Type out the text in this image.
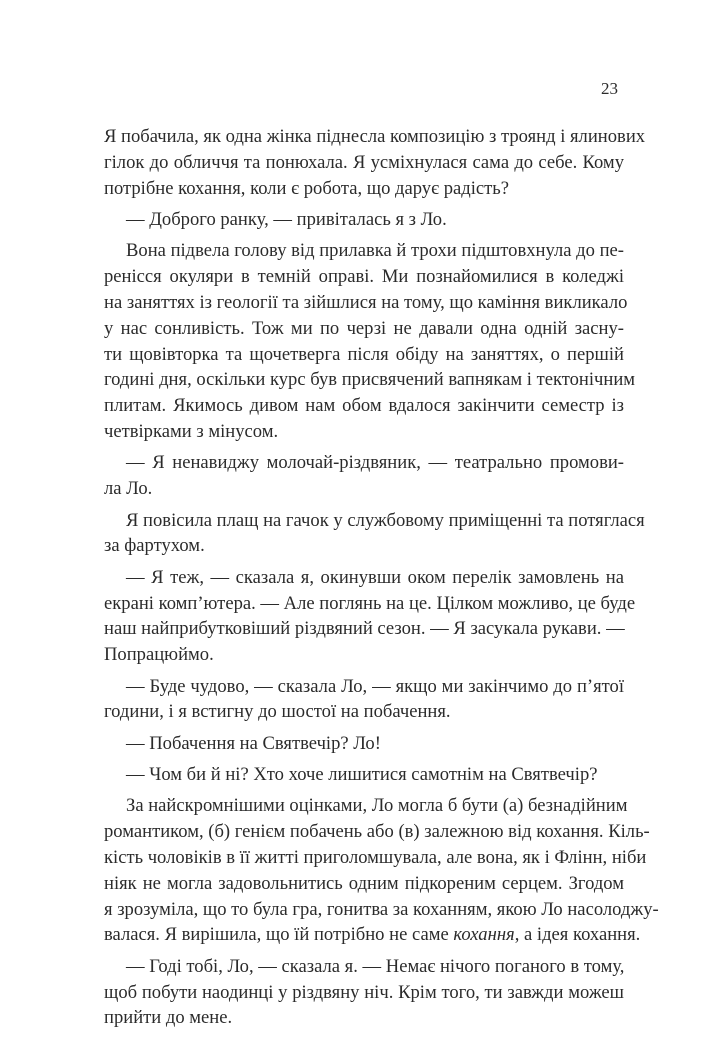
23
Я побачила, як одна жінка піднесла композицію з троянд і ялинових
гілок до обличчя та понюхала. Я усміхнулася сама до себе. Кому
потрібне кохання, коли є робота, що дарує радість?
— Доброго ранку, — привіталась я з Ло.
Вона підвела голову від прилавка й трохи підштовхнула до пе-
ренісся окуляри в темній оправі. Ми познайомилися в коледжі
на заняттях із геології та зійшлися на тому, що каміння викликало
у нас сонливість. Тож ми по черзі не давали одна одній заснy-
ти щовівторка та щочетверга після обіду на заняттях, о першій
годині дня, оскільки курс був присвячений вапнякам і тектонічним
плитам. Якимось дивом нам обом вдалося закінчити семестр із
четвірками з мінусом.
— Я ненавиджу молочай-різдвяник, — театрально промови-
ла Ло.
Я повісила плащ на гачок у службовому приміщенні та потяглася
за фартухом.
— Я теж, — сказала я, окинувши оком перелік замовлень на
екрані комп’ютера. — Але поглянь на це. Цілком можливо, це буде
наш найприбутковіший різдвяний сезон. — Я засукала рукави. —
Попрацюймо.
— Буде чудово, — сказала Ло, — якщо ми закінчимо до п’ятої
години, і я встигну до шостої на побачення.
— Побачення на Святвечір? Ло!
— Чом би й ні? Хто хоче лишитися самотнім на Святвечір?
За найскромнішими оцінками, Ло могла б бути (а) безнадійним
романтиком, (б) генієм побачень або (в) залежною від кохання. Кіль-
кість чоловіків в її житті приголомшувала, але вона, як і Флінн, ніби
ніяк не могла задовольнитись одним підкореним серцем. Згодом
я зрозуміла, що то була гра, гонитва за коханням, якою Ло насолоджу-
валася. Я вирішила, що їй потрібно не саме кохання, а ідея кохання.
— Годі тобі, Ло, — сказала я. — Немає нічого поганого в тому,
щоб побути наодинці у різдвяну ніч. Крім того, ти завжди можеш
прийти до мене.
